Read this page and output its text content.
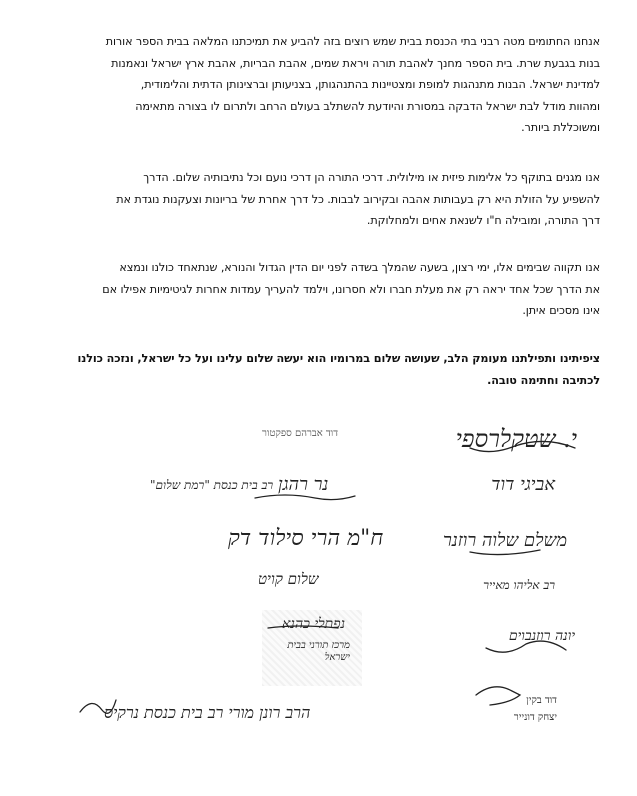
אנחנו החתומים מטה רבני בתי הכנסת בבית שמש רוצים בזה להביע את תמיכתנו המלאה בבית הספר אורות
בנות בגבעת שרת. בית הספר מחנך לאהבת תורה ויראת שמים, אהבת הבריות, אהבת ארץ ישראל ונאמנות
למדינת ישראל. הבנות מתנהגות למופת ומצטיינות בהתנהגותן, בצניעותן וברצינותן הדתית והלימודית,
ומהוות מודל לבת ישראל הדבקה במסורת והיודעת להשתלב בעולם הרחב ולתרום לו בצורה מתאימה
ומשוכללת ביותר.
אנו מגנים בתוקף כל אלימות פיזית או מילולית. דרכי התורה הן דרכי נועם וכל נתיבותיה שלום. הדרך
להשפיע על הזולת היא רק בעבותות אהבה ובקירוב לבבות. כל דרך אחרת של בריונות וצעקנות נוגדת את
דרך התורה, ומובילה ח"ו לשנאת אחים ולמחלוקת.
אנו תקווה שבימים אלו, ימי רצון, בשעה שהמלך בשדה לפני יום הדין הגדול והנורא, שנתאחד כולנו ונמצא
את הדרך שכל אחד יראה רק את מעלת חברו ולא חסרונו, וילמד להעריך עמדות אחרות לגיטימיות אפילו אם
אינו מסכים איתן.
ציפיתינו ותפילתנו מעומק הלב, שעושה שלום במרומיו הוא יעשה שלום עלינו ועל כל ישראל, ונזכה כולנו
לכתיבה וחתימה טובה.
י. שטקלרספי
דוד אברהם ספקטור
אביגי דוד
נר רהגן
רב בית כנסת "רמת שלום"
ח"מ הרי סילוד דק	משלם שלוה רוזנר
שלום קויט	רב אליהו מאייר
נפתלי כהנא
מרכז תורני בבית ישראל
יונה רוזנבוים
דוד בקין
יצחק דונייר
הרב רונן מורי רב בית כנסת נרקיס
